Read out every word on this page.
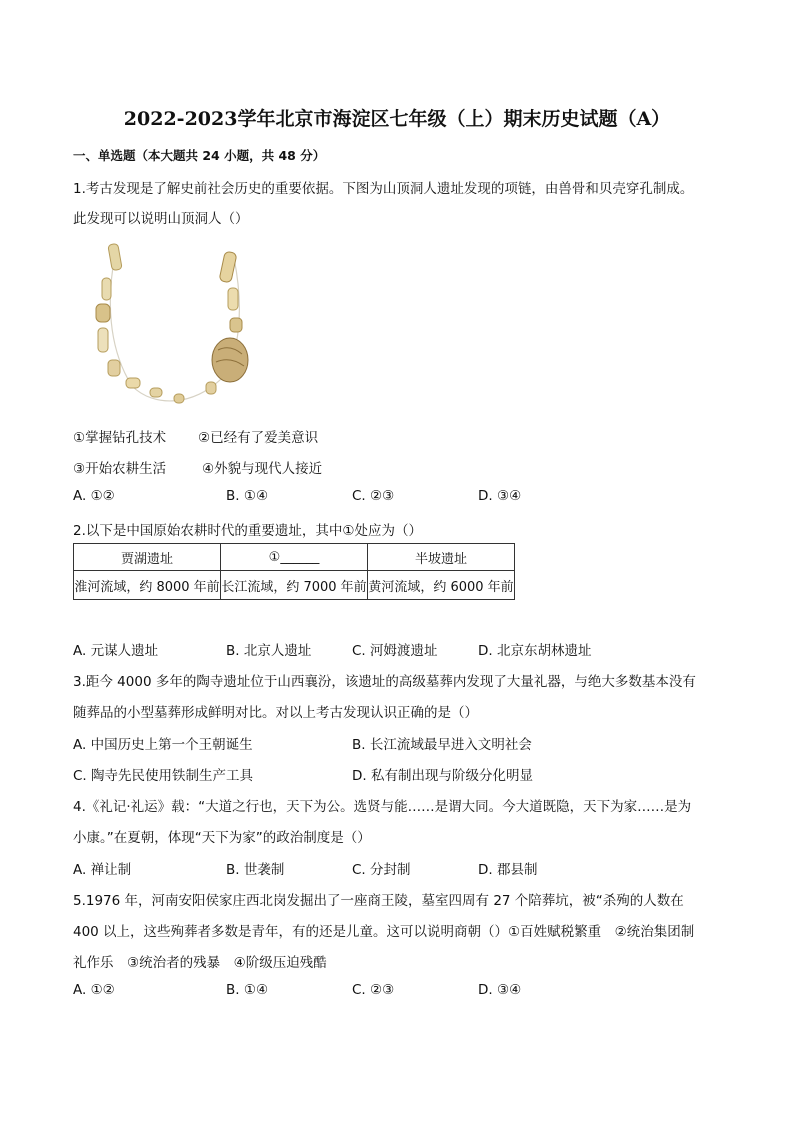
2022-2023学年北京市海淀区七年级（上）期末历史试题（A）
一、单选题（本大题共 24 小题，共 48 分）
1.考古发现是了解史前社会历史的重要依据。下图为山顶洞人遗址发现的项链，由兽骨和贝壳穿孔制成。
此发现可以说明山顶洞人（）
①掌握钻孔技术 ②已经有了爱美意识
③开始农耕生活	④外貌与现代人接近
A. ①②	B. ①④	C. ②③	D. ③④
2.以下是中国原始农耕时代的重要遗址，其中①处应为（）
贾湖遗址	①______	半坡遗址
淮河流域，约 8000 年前	长江流域，约 7000 年前	黄河流域，约 6000 年前
A. 元谋人遗址	B. 北京人遗址	C. 河姆渡遗址	D. 北京东胡林遗址
3.距今 4000 多年的陶寺遗址位于山西襄汾，该遗址的高级墓葬内发现了大量礼器，与绝大多数基本没有
随葬品的小型墓葬形成鲜明对比。对以上考古发现认识正确的是（）
A. 中国历史上第一个王朝诞生	B. 长江流域最早进入文明社会
C. 陶寺先民使用铁制生产工具	D. 私有制出现与阶级分化明显
4.《礼记·礼运》载：“大道之行也，天下为公。选贤与能……是谓大同。今大道既隐，天下为家……是为
小康。”在夏朝，体现“天下为家”的政治制度是（）
A. 禅让制	B. 世袭制	C. 分封制	D. 郡县制
5.1976 年，河南安阳侯家庄西北岗发掘出了一座商王陵，墓室四周有 27 个陪葬坑，被“杀殉的人数在
400 以上，这些殉葬者多数是青年，有的还是儿童。这可以说明商朝（）①百姓赋税繁重　②统治集团制
礼作乐　③统治者的残暴　④阶级压迫残酷
A. ①②	B. ①④	C. ②③	D. ③④
